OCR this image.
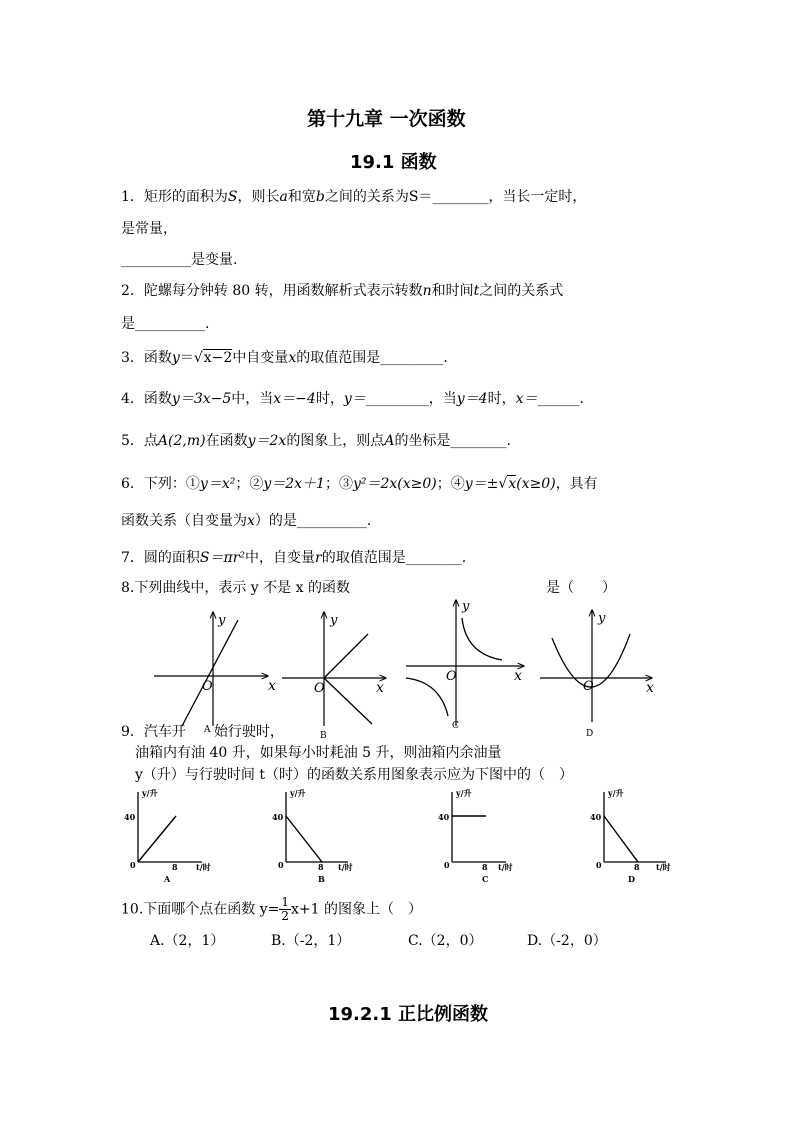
第十九章 一次函数
19.1 函数
1．矩形的面积为S，则长a和宽b之间的关系为S＝________，当长一定时，
是常量，
__________是变量.
2．陀螺每分钟转 80 转，用函数解析式表示转数n和时间t之间的关系式
是__________.
3．函数y＝√x−2中自变量x的取值范围是_________.
4．函数y＝3x−5中，当x＝−4时，y＝_________，当y＝4时，x＝______.
5．点A(2,m)在函数y＝2x的图象上，则点A的坐标是________.
6．下列：①y＝x²；②y＝2x＋1；③y²＝2x(x≥0)；④y＝±√x(x≥0)，具有
函数关系（自变量为x）的是__________.
7．圆的面积S＝πr²中，自变量r的取值范围是________.
8.下列曲线中，表示 y 不是 x 的函数	是（　　）
y
x
O
A
y
x
O
B
y
x
O
C
y
x
O
D
9．汽车开 始行驶时，
油箱内有油 40 升，如果每小时耗油 5 升，则油箱内余油量
y（升）与行驶时间 t（时）的函数关系用图象表示应为下图中的（　）
y/升
t/时
40
0	8
A
y/升
t/时
40
0	8
B
y/升
t/时
40
0	8
C
y/升
t/时
40
0	8
D
10.下面哪个点在函数 $y= \frac{1}{2} x+1$ 的图象上（　）
A.（2，1）	B.（-2，1）	C.（2，0）	D.（-2，0）
19.2.1 正比例函数
